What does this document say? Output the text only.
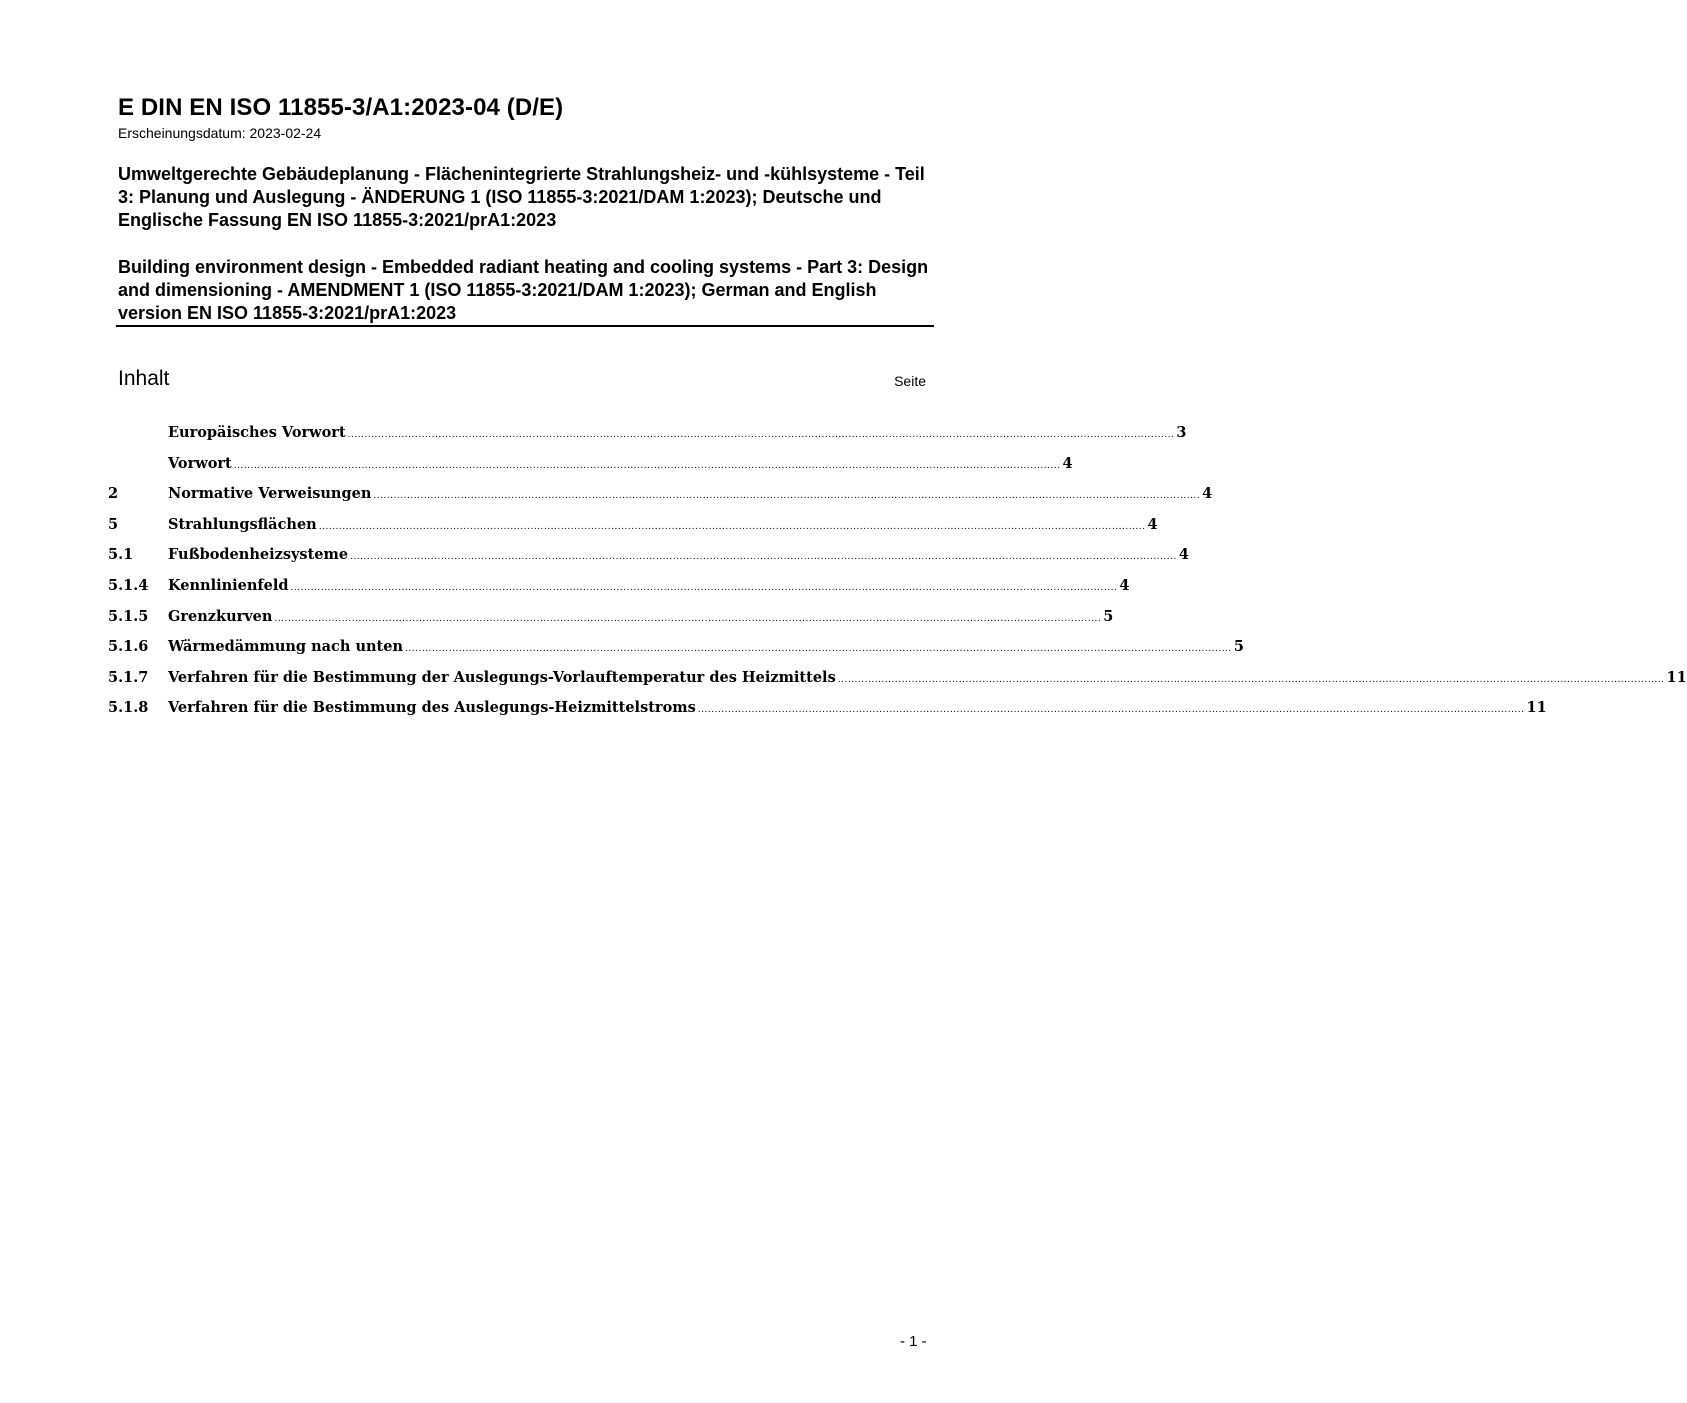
E DIN EN ISO 11855-3/A1:2023-04 (D/E)
Erscheinungsdatum: 2023-02-24
Umweltgerechte Gebäudeplanung - Flächenintegrierte Strahlungsheiz- und -kühlsysteme - Teil 3: Planung und Auslegung - ÄNDERUNG 1 (ISO 11855-3:2021/DAM 1:2023); Deutsche und Englische Fassung EN ISO 11855-3:2021/prA1:2023
Building environment design - Embedded radiant heating and cooling systems - Part 3: Design and dimensioning - AMENDMENT 1 (ISO 11855-3:2021/DAM 1:2023); German and English version EN ISO 11855-3:2021/prA1:2023
Inhalt	Seite
Europäisches Vorwort .....	3
Vorwort .....	4
2	Normative Verweisungen .....	4
5	Strahlungsflächen .....	4
5.1	Fußbodenheizsysteme .....	4
5.1.4	Kennlinienfeld .....	4
5.1.5	Grenzkurven .....	5
5.1.6	Wärmedämmung nach unten .....	5
5.1.7	Verfahren für die Bestimmung der Auslegungs-Vorlauftemperatur des Heizmittels .....	11
5.1.8	Verfahren für die Bestimmung des Auslegungs-Heizmittelstroms .....	11
- 1 -
